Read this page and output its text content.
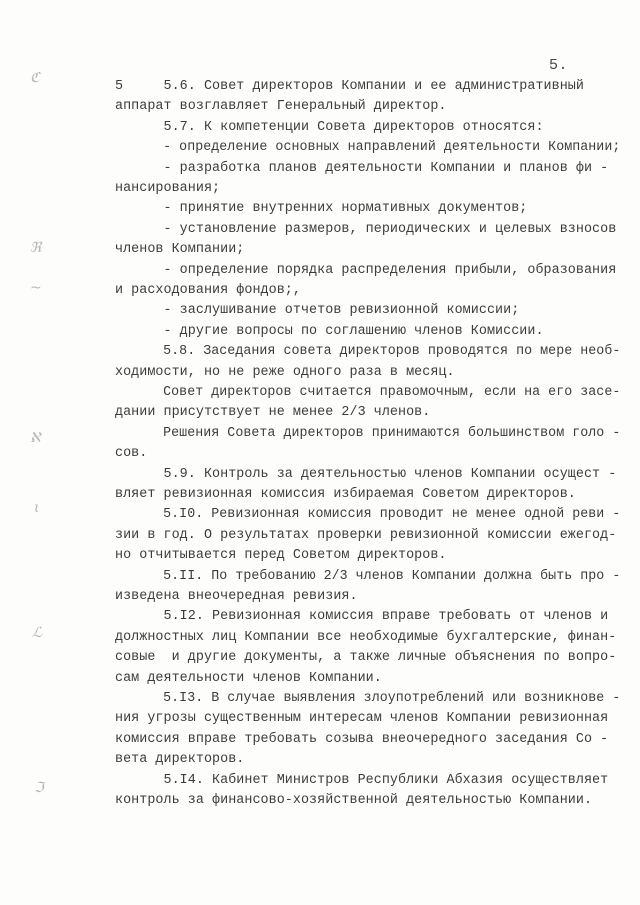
5.
5     5.6. Совет директоров Компании и ее административный
аппарат возглавляет Генеральный директор.
5.7. К компетенции Совета директоров относятся:
- определение основных направлений деятельности Компании;
- разработка планов деятельности Компании и планов фи -
нансирования;
- принятие внутренних нормативных документов;
- установление размеров, периодических и целевых взносов
членов Компании;
- определение порядка распределения прибыли, образования
и расходования фондов;,
- заслушивание отчетов ревизионной комиссии;
- другие вопросы по соглашению членов Комиссии.
5.8. Заседания совета директоров проводятся по мере необ-
ходимости, но не реже одного раза в месяц.
Совет директоров считается правомочным, если на его засе-
дании присутствует не менее 2/3 членов.
Решения Совета директоров принимаются большинством голо -
сов.
5.9. Контроль за деятельностью членов Компании осущест -
вляет ревизионная комиссия избираемая Советом директоров.
5.I0. Ревизионная комиссия проводит не менее одной реви -
зии в год. О результатах проверки ревизионной комиссии ежегод-
но отчитывается перед Советом директоров.
5.II. По требованию 2/3 членов Компании должна быть про -
изведена внеочередная ревизия.
5.I2. Ревизионная комиссия вправе требовать от членов и
должностных лиц Компании все необходимые бухгалтерские, финан-
совые  и другие документы, а также личные объяснения по вопро-
сам деятельности членов Компании.
5.I3. В случае выявления злоупотреблений или возникнове -
ния угрозы существенным интересам членов Компании ревизионная
комиссия вправе требовать созыва внеочередного заседания Со -
вета директоров.
5.I4. Кабинет Министров Республики Абхазия осуществляет
контроль за финансово-хозяйственной деятельностью Компании.
ℭ
ℜ
~
ℵ
ι
ℒ
ℑ
